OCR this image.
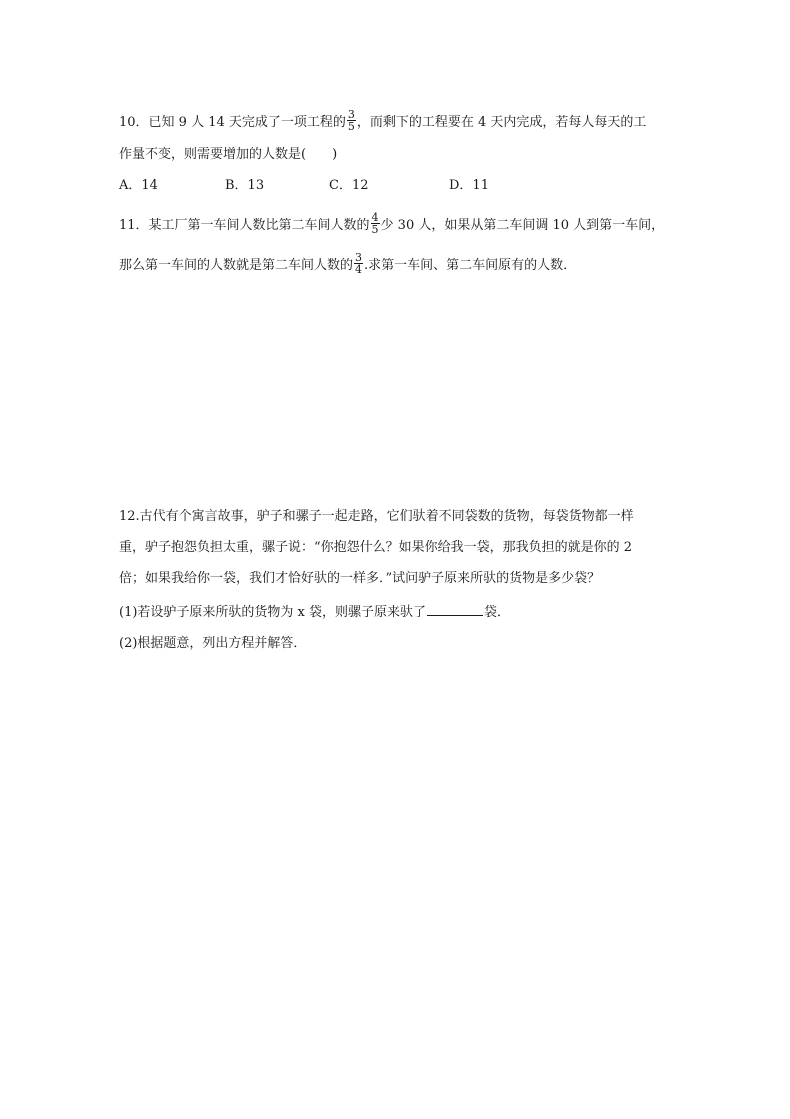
10．已知 9 人 14 天完成了一项工程的 $\frac{3}{5}$ ，而剩下的工程要在 4 天内完成，若每人每天的工
作量不变，则需要增加的人数是(　　)
A．14	B．13	C．12	D．11
11．某工厂第一车间人数比第二车间人数的 $\frac{4}{5}$ 少 30 人，如果从第二车间调 10 人到第一车间，
那么第一车间的人数就是第二车间人数的 $\frac{3}{4}$ .求第一车间、第二车间原有的人数．
12.古代有个寓言故事，驴子和骡子一起走路，它们驮着不同袋数的货物，每袋货物都一样
重，驴子抱怨负担太重，骡子说：“你抱怨什么？如果你给我一袋，那我负担的就是你的 2
倍；如果我给你一袋，我们才恰好驮的一样多．”试问驴子原来所驮的货物是多少袋？
(1)若设驴子原来所驮的货物为 x 袋，则骡子原来驮了	袋．
(2)根据题意，列出方程并解答．
